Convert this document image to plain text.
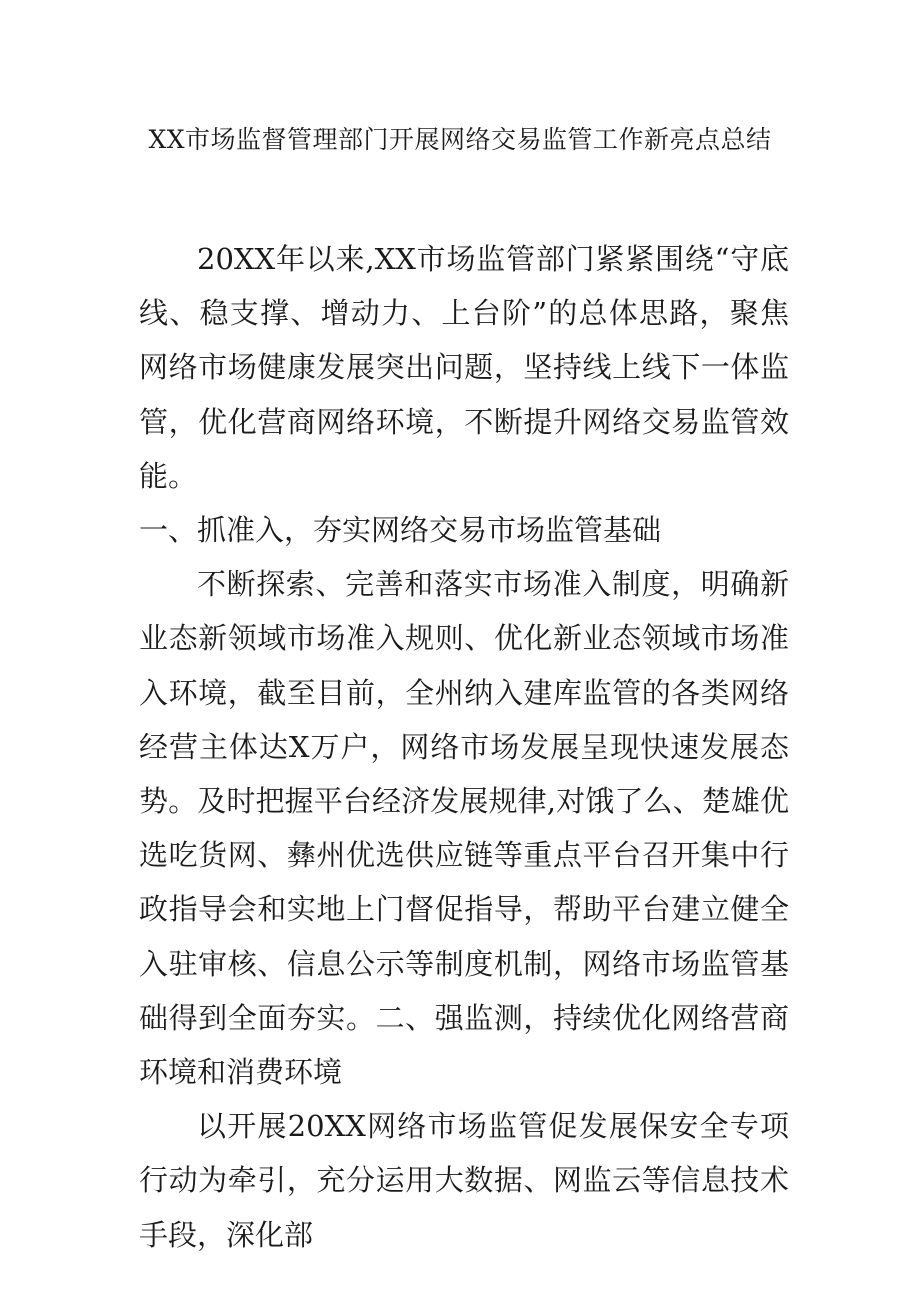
XX市场监督管理部门开展网络交易监管工作新亮点总结

20XX年以来,XX市场监管部门紧紧围绕“守底线、稳支撑、增动力、上台阶”的总体思路，聚焦网络市场健康发展突出问题，坚持线上线下一体监管，优化营商网络环境，不断提升网络交易监管效能。

一、抓准入，夯实网络交易市场监管基础

不断探索、完善和落实市场准入制度，明确新业态新领域市场准入规则、优化新业态领域市场准入环境，截至目前，全州纳入建库监管的各类网络经营主体达X万户，网络市场发展呈现快速发展态势。及时把握平台经济发展规律,对饿了么、楚雄优选吃货网、彝州优选供应链等重点平台召开集中行政指导会和实地上门督促指导，帮助平台建立健全入驻审核、信息公示等制度机制，网络市场监管基础得到全面夯实。二、强监测，持续优化网络营商环境和消费环境

以开展20XX网络市场监管促发展保安全专项行动为牵引，充分运用大数据、网监云等信息技术手段，深化部
